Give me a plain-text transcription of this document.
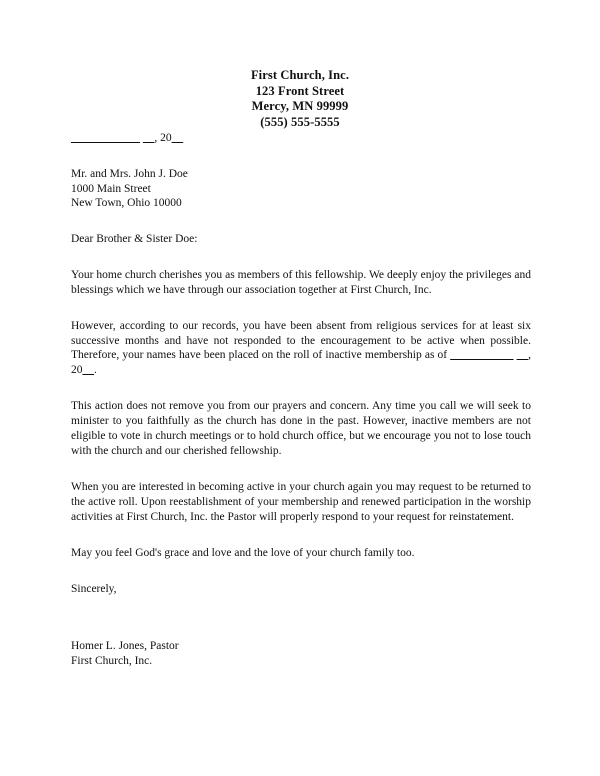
First Church, Inc.
123 Front Street
Mercy, MN 99999
(555) 555-5555
____________ __, 20__
Mr. and Mrs. John J. Doe
1000 Main Street
New Town, Ohio 10000
Dear Brother & Sister Doe:

Your home church cherishes you as members of this fellowship. We deeply enjoy the privileges and blessings which we have through our association together at First Church, Inc.

However, according to our records, you have been absent from religious services for at least six successive months and have not responded to the encouragement to be active when possible. Therefore, your names have been placed on the roll of inactive membership as of ___________ __, 20__.

This action does not remove you from our prayers and concern. Any time you call we will seek to minister to you faithfully as the church has done in the past. However, inactive members are not eligible to vote in church meetings or to hold church office, but we encourage you not to lose touch with the church and our cherished fellowship.

When you are interested in becoming active in your church again you may request to be returned to the active roll. Upon reestablishment of your membership and renewed participation in the worship activities at First Church, Inc. the Pastor will properly respond to your request for reinstatement.

May you feel God's grace and love and the love of your church family too.

Sincerely,
Homer L. Jones, Pastor
First Church, Inc.
